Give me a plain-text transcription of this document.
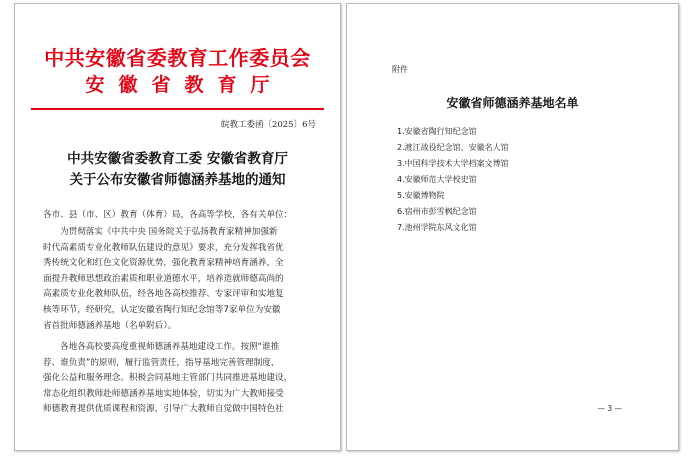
中共安徽省委教育工作委员会
安徽省教育厅
皖教工委函〔2025〕6号
中共安徽省委教育工委 安徽省教育厅
关于公布安徽省师德涵养基地的通知

各市、县（市、区）教育（体育）局，各高等学校，各有关单位：

为贯彻落实《中共中央 国务院关于弘扬教育家精神加强新

时代高素质专业化教师队伍建设的意见》要求，充分发挥我省优

秀传统文化和红色文化资源优势，强化教育家精神培育涵养，全

面提升教师思想政治素质和职业道德水平，培养造就师德高尚的

高素质专业化教师队伍，经各地各高校推荐、专家评审和实地复

核等环节，经研究，认定安徽省陶行知纪念馆等7家单位为安徽

省首批师德涵养基地（名单附后）。

各地各高校要高度重视师德涵养基地建设工作。按照“谁推

荐、谁负责”的原则，履行监管责任，指导基地完善管理制度，

强化公益和服务理念。积极会同基地主管部门共同推进基地建设，

常态化组织教师赴师德涵养基地实地体验，切实为广大教师接受

师德教育提供优质课程和资源，引导广大教师自觉做中国特色社

附件
安徽省师德涵养基地名单
1.安徽省陶行知纪念馆
2.渡江战役纪念馆、安徽名人馆
3.中国科学技术大学档案文博馆
4.安徽师范大学校史馆
5.安徽博物院
6.宿州市彭雪枫纪念馆
7.池州学院东风文化馆
— 3 —
